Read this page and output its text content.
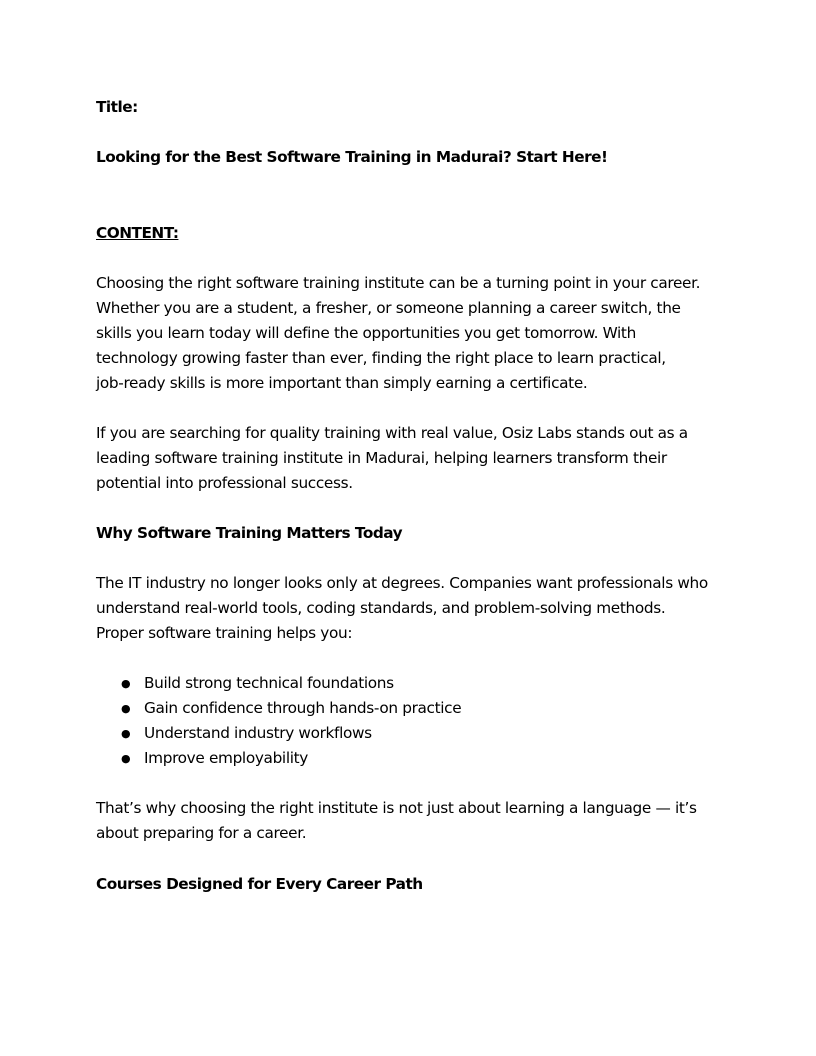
Title:

Looking for the Best Software Training in Madurai? Start Here!

CONTENT:

Choosing the right software training institute can be a turning point in your career.
Whether you are a student, a fresher, or someone planning a career switch, the
skills you learn today will define the opportunities you get tomorrow. With
technology growing faster than ever, finding the right place to learn practical,
job-ready skills is more important than simply earning a certificate.
If you are searching for quality training with real value, Osiz Labs stands out as a
leading software training institute in Madurai, helping learners transform their
potential into professional success.

Why Software Training Matters Today

The IT industry no longer looks only at degrees. Companies want professionals who
understand real-world tools, coding standards, and problem-solving methods.
Proper software training helps you:
● Build strong technical foundations
● Gain confidence through hands-on practice
● Understand industry workflows
● Improve employability
That’s why choosing the right institute is not just about learning a language — it’s
about preparing for a career.

Courses Designed for Every Career Path
